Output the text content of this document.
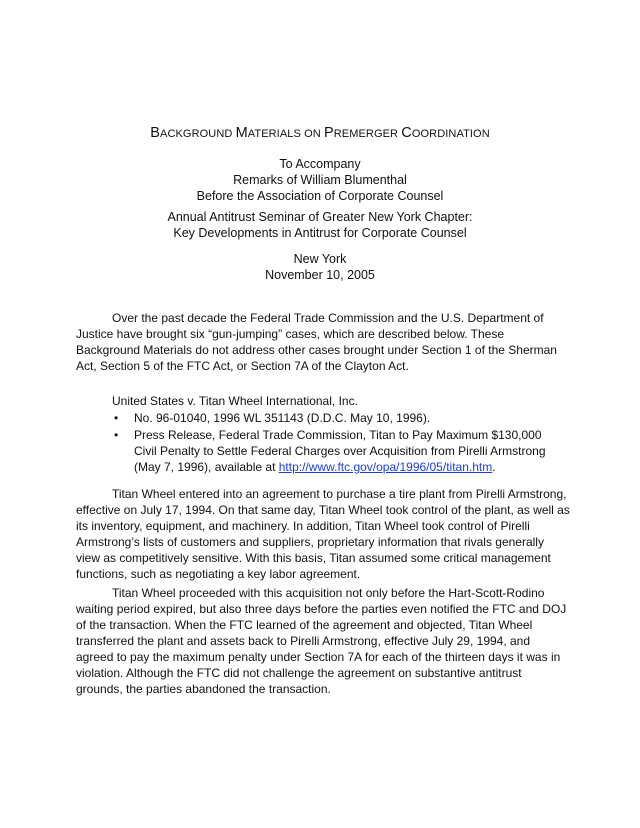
BACKGROUND MATERIALS ON PREMERGER COORDINATION
To Accompany
Remarks of William Blumenthal
Before the Association of Corporate Counsel
Annual Antitrust Seminar of Greater New York Chapter:
Key Developments in Antitrust for Corporate Counsel
New York
November 10, 2005
Over the past decade the Federal Trade Commission and the U.S. Department of Justice have brought six “gun-jumping” cases, which are described below. These Background Materials do not address other cases brought under Section 1 of the Sherman Act, Section 5 of the FTC Act, or Section 7A of the Clayton Act.
United States v. Titan Wheel International, Inc.
• No. 96-01040, 1996 WL 351143 (D.D.C. May 10, 1996).
• Press Release, Federal Trade Commission, Titan to Pay Maximum $130,000 Civil Penalty to Settle Federal Charges over Acquisition from Pirelli Armstrong (May 7, 1996), available at http://www.ftc.gov/opa/1996/05/titan.htm.
Titan Wheel entered into an agreement to purchase a tire plant from Pirelli Armstrong, effective on July 17, 1994. On that same day, Titan Wheel took control of the plant, as well as its inventory, equipment, and machinery. In addition, Titan Wheel took control of Pirelli Armstrong’s lists of customers and suppliers, proprietary information that rivals generally view as competitively sensitive. With this basis, Titan assumed some critical management functions, such as negotiating a key labor agreement.
Titan Wheel proceeded with this acquisition not only before the Hart-Scott-Rodino waiting period expired, but also three days before the parties even notified the FTC and DOJ of the transaction. When the FTC learned of the agreement and objected, Titan Wheel transferred the plant and assets back to Pirelli Armstrong, effective July 29, 1994, and agreed to pay the maximum penalty under Section 7A for each of the thirteen days it was in violation. Although the FTC did not challenge the agreement on substantive antitrust grounds, the parties abandoned the transaction.
